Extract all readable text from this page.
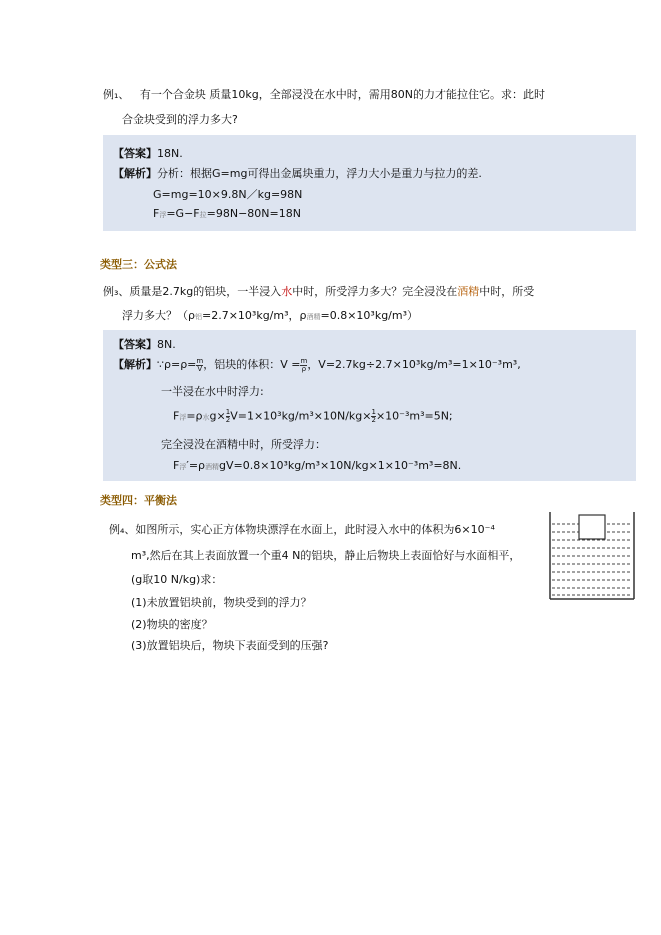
例₁、 有一个合金块 质量10kg，全部浸没在水中时，需用80N的力才能拉住它。求：此时
合金块受到的浮力多大?
【答案】18N.
【解析】分析：根据G=mg可得出金属块重力，浮力大小是重力与拉力的差.
G=mg=10×9.8N／kg=98N
F浮=G−F拉=98N−80N=18N
类型三：公式法
例₃、质量是2.7kg的铝块，一半浸入水中时，所受浮力多大？完全浸没在酒精中时，所受
浮力多大？（ρ铝=2.7×10³kg/m³，ρ酒精=0.8×10³kg/m³）
【答案】8N.
【解析】∵ρ=ρ= $\frac{m}{V}$ ，铝块的体积：$V = \frac{m}{\rho}$ ，V=2.7kg÷2.7×10³kg/m³=1×10⁻³m³,
一半浸在水中时浮力:
F浮=ρ水$g\times \frac{1}{2} V=1\times 10^3kg/m^3\times 10N/kg\times \frac{1}{2} \times 10^{-3}m^3=5N$;
完全浸没在酒精中时，所受浮力：
F浮′=ρ酒精gV=0.8×10³kg/m³×10N/kg×1×10⁻³m³=8N.
类型四：平衡法
例₄、如图所示，实心正方体物块漂浮在水面上，此时浸入水中的体积为6×10⁻⁴
m³,然后在其上表面放置一个重4 N的铝块，静止后物块上表面恰好与水面相平，
(g取10 N/kg)求：
(1)未放置铝块前，物块受到的浮力？
(2)物块的密度？
(3)放置铝块后，物块下表面受到的压强?
